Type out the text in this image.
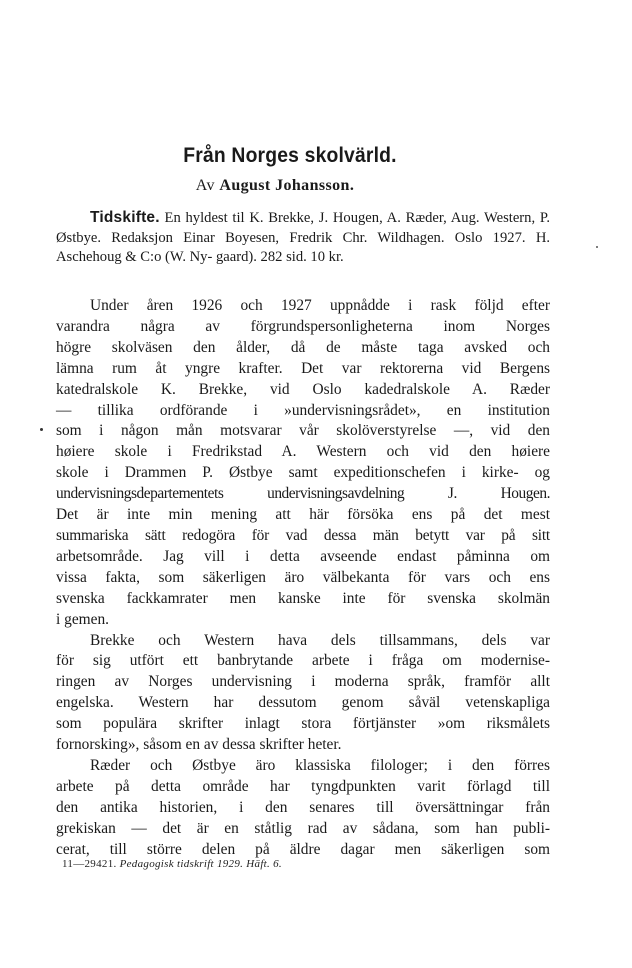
Från Norges skolvärld.
Av August Johansson.
Tidskifte. En hyldest til K. Brekke, J. Hougen, A. Ræder, Aug. Western, P. Østbye. Redaksjon Einar Boyesen, Fredrik Chr. Wildhagen. Oslo 1927. H. Aschehoug & C:o (W. Ny- gaard). 282 sid. 10 kr.

Under åren 1926 och 1927 uppnådde i rask följd efter
varandra några av förgrundspersonligheterna inom Norges
högre skolväsen den ålder, då de måste taga avsked och
lämna rum åt yngre krafter. Det var rektorerna vid Bergens
katedralskole K. Brekke, vid Oslo kadedralskole A. Ræder
— tillika ordförande i »undervisningsrådet», en institution
som i någon mån motsvarar vår skolöverstyrelse —, vid den
høiere skole i Fredrikstad A. Western och vid den høiere
skole i Drammen P. Østbye samt expeditionschefen i kirke- og
undervisningsdepartementets undervisningsavdelning J. Hougen.
Det är inte min mening att här försöka ens på det mest
summariska sätt redogöra för vad dessa män betytt var på sitt
arbetsområde. Jag vill i detta avseende endast påminna om
vissa fakta, som säkerligen äro välbekanta för vars och ens
svenska fackkamrater men kanske inte för svenska skolmän
i gemen.

Brekke och Western hava dels tillsammans, dels var
för sig utfört ett banbrytande arbete i fråga om modernise-
ringen av Norges undervisning i moderna språk, framför allt
engelska. Western har dessutom genom såväl vetenskapliga
som populära skrifter inlagt stora förtjänster »om riksmålets
fornorsking», såsom en av dessa skrifter heter.

Ræder och Østbye äro klassiska filologer; i den förres
arbete på detta område har tyngdpunkten varit förlagd till
den antika historien, i den senares till översättningar från
grekiskan — det är en ståtlig rad av sådana, som han publi-
cerat, till större delen på äldre dagar men säkerligen som

11—29421. Pedagogisk tidskrift 1929. Häft. 6.
